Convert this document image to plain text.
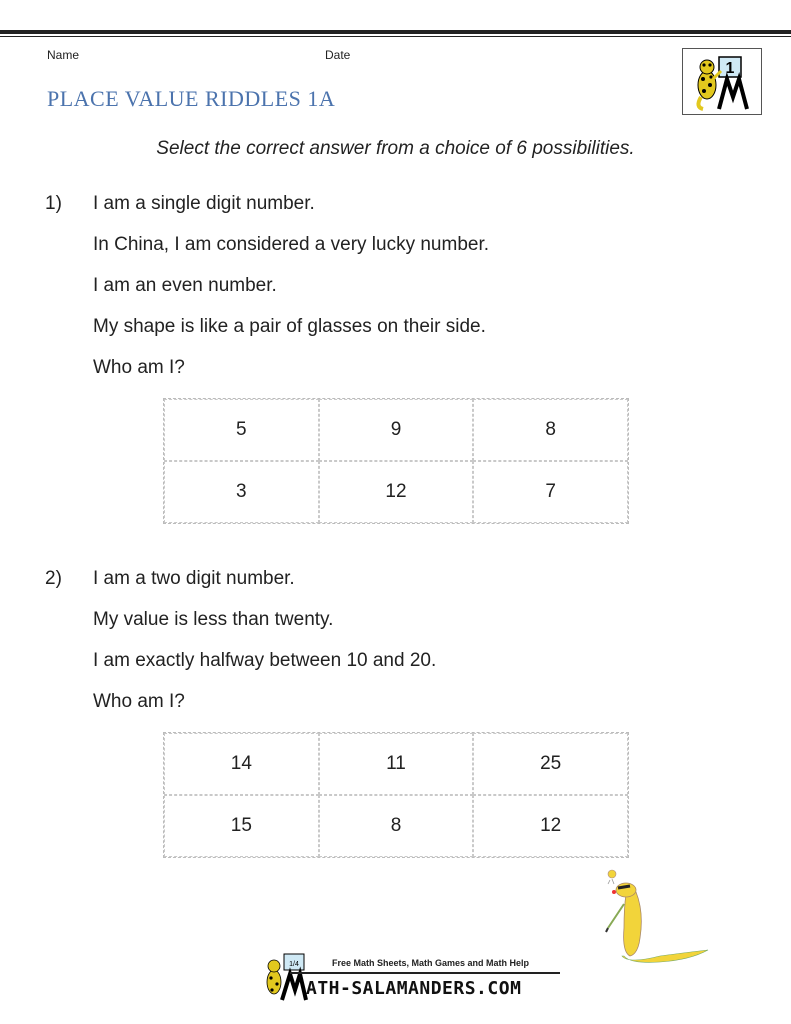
Name	Date
PLACE VALUE RIDDLES 1A
1
Select the correct answer from a choice of 6 possibilities.
1) I am a single digit number.
In China, I am considered a very lucky number.
I am an even number.
My shape is like a pair of glasses on their side.
Who am I?
5	9	8
3	12	7
2) I am a two digit number.
My value is less than twenty.
I am exactly halfway between 10 and 20.
Who am I?
14	11	25
15	8	12
1/4	Free Math Sheets, Math Games and Math Help
ATH-SALAMANDERS.COM
